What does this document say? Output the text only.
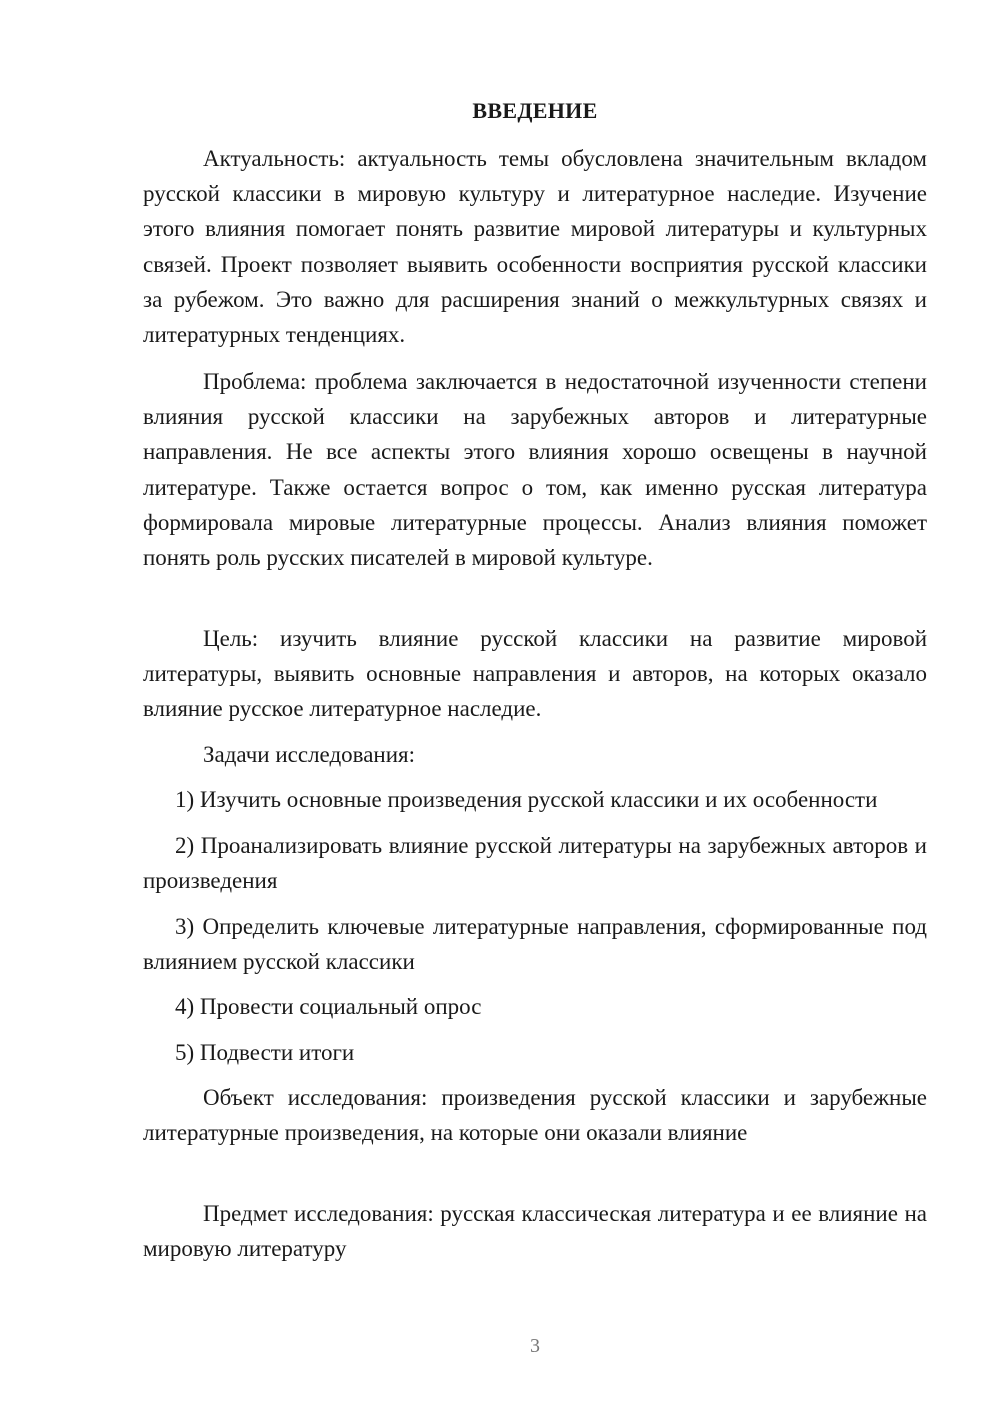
ВВЕДЕНИЕ

Актуальность: актуальность темы обусловлена значительным вкладом русской классики в мировую культуру и литературное наследие. Изучение этого влияния помогает понять развитие мировой литературы и культурных связей. Проект позволяет выявить особенности восприятия русской классики за рубежом. Это важно для расширения знаний о межкультурных связях и литературных тенденциях.

Проблема: проблема заключается в недостаточной изученности степени влияния русской классики на зарубежных авторов и литературные направления. Не все аспекты этого влияния хорошо освещены в научной литературе. Также остается вопрос о том, как именно русская литература формировала мировые литературные процессы. Анализ влияния поможет понять роль русских писателей в мировой культуре.

Цель: изучить влияние русской классики на развитие мировой литературы, выявить основные направления и авторов, на которых оказало влияние русское литературное наследие.

Задачи исследования:

1) Изучить основные произведения русской классики и их особенности

2) Проанализировать влияние русской литературы на зарубежных авторов и произведения

3) Определить ключевые литературные направления, сформированные под влиянием русской классики

4) Провести социальный опрос

5) Подвести итоги

Объект исследования: произведения русской классики и зарубежные литературные произведения, на которые они оказали влияние

Предмет исследования: русская классическая литература и ее влияние на мировую литературу

3
